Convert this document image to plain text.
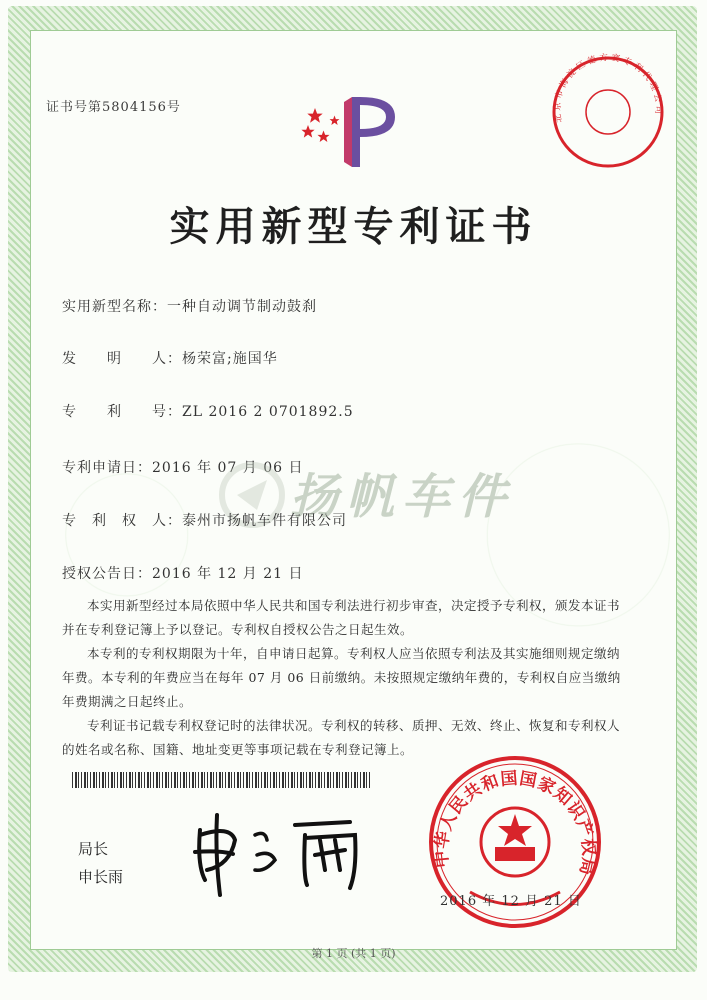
证书号第5804156号
实用新型专利证书
实用新型名称：一种自动调节制动鼓刹
发　　明　　人：杨荣富;施国华
专　　利　　号：ZL 2016 2 0701892.5
专利申请日：2016 年 07 月 06 日
扬帆车件
专　利　权　人：泰州市扬帆车件有限公司
授权公告日：2016 年 12 月 21 日
本实用新型经过本局依照中华人民共和国专利法进行初步审查，决定授予专利权，颁发本证书并在专利登记簿上予以登记。专利权自授权公告之日起生效。
本专利的专利权期限为十年，自申请日起算。专利权人应当依照专利法及其实施细则规定缴纳年费。本专利的年费应当在每年 07 月 06 日前缴纳。未按照规定缴纳年费的，专利权自应当缴纳年费期满之日起终止。
专利证书记载专利权登记时的法律状况。专利权的转移、质押、无效、终止、恢复和专利权人的姓名或名称、国籍、地址变更等事项记载在专利登记簿上。
局长
申长雨
中华人民共和国国家知识产权局
2016 年 12 月 21 日
北京市海淀区德方赛专利代理公司
第 1 页 (共 1 页)
